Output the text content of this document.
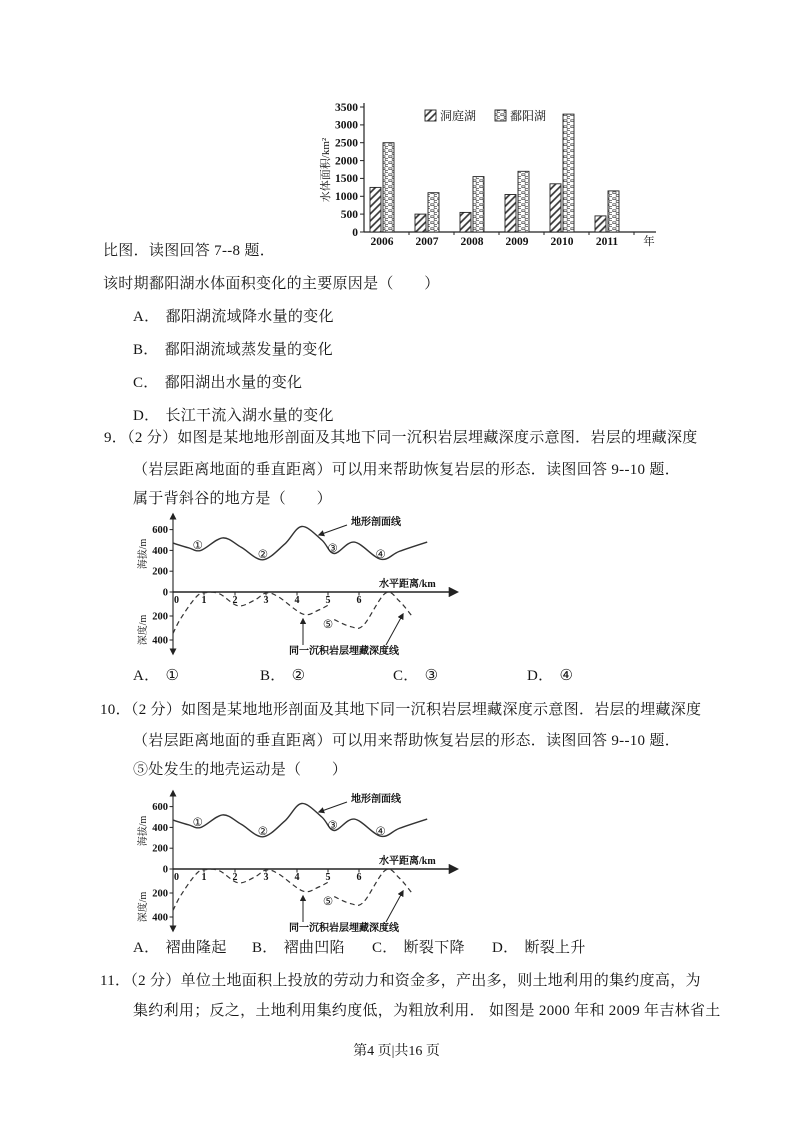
0
500
1000
1500
2000
2500
3000
3500
2006 2007 2008 2009 2010 2011 年
水体面积/km²
洞庭湖	鄱阳湖
比图．读图回答 7--8 题．
该时期鄱阳湖水体面积变化的主要原因是（　　）
A． 鄱阳湖流域降水量的变化
B． 鄱阳湖流域蒸发量的变化
C． 鄱阳湖出水量的变化
D． 长江干流入湖水量的变化
9．（2 分）如图是某地地形剖面及其地下同一沉积岩层埋藏深度示意图．岩层的埋藏深度
（岩层距离地面的垂直距离）可以用来帮助恢复岩层的形态．读图回答 9--10 题．
属于背斜谷的地方是（　　）
0 1	2	3	4	5	6
水平距离/km
600
400
200
0
200
400
海拔/m
深度/m
①
②	③	④
⑤
地形剖面线
同一沉积岩层埋藏深度线
A． ①	B． ②	C． ③	D． ④
10．（2 分）如图是某地地形剖面及其地下同一沉积岩层埋藏深度示意图．岩层的埋藏深度
（岩层距离地面的垂直距离）可以用来帮助恢复岩层的形态．读图回答 9--10 题．
⑤处发生的地壳运动是（　　）
0 1	2	3	4	5	6
水平距离/km
600
400
200
0
200
400
海拔/m
深度/m
①
②	③	④
⑤
地形剖面线
同一沉积岩层埋藏深度线
A． 褶曲隆起 B． 褶曲凹陷 C． 断裂下降 D． 断裂上升
11．（2 分）单位土地面积上投放的劳动力和资金多，产出多，则土地利用的集约度高，为
集约利用；反之，土地利用集约度低，为粗放利用． 如图是 2000 年和 2009 年吉林省土
第4 页|共16 页
